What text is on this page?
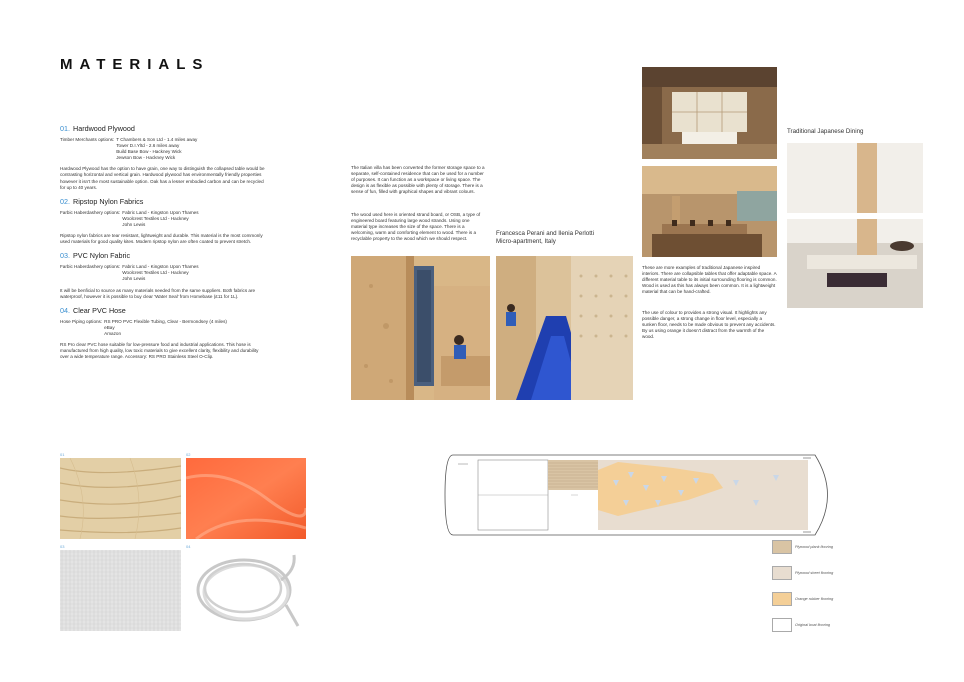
MATERIALS
01. Hardwood Plywood
Timber Merchants options: T Chambers & Son Ltd - 1.4 miles away
Tower D.I.Yltd - 2.6 miles away
Build Base Bow - Hackney Wick
Jewson Bow - Hackney Wick
Hardwood Plywood has the option to have grain, one way to distinguish the collapsed table would be contrasting horizontal and vertical grain. Hardwood plywood has environmentally friendly properties however it isn't the most sustainable option. Oak has a lesser embodied carbon and can be recycled for up to 40 years.
02. Ripstop Nylon Fabrics
Farbic Haberdashery options: Fabric Land - Kingston Upon Thames
Woolcrest Textiles Ltd - Hackney
John Lewis
Ripstop nylon fabrics are tear resistant, lightweight and durable. This material is the most commonly used materials for good quality kites. Modern ripstop nylon are often coated to prevent stretch.
03. PVC Nylon Fabric
Farbic Haberdashery options: Fabric Land - Kingston Upon Thames
Woolcrest Textiles Ltd - Hackney
John Lewis
It will be benficial to source as many materials needed from the same suppliers. Both fabrics are waterproof, however it is possible to buy clear 'Water Seal' from Homebase (£11 for 1L).
04. Clear PVC Hose
Hose Piping options: RS PRO PVC Flexible Tubing, Clear - Bermondsey (4 miles)
eBay
Amazon
RS Pro clear PVC hose suitable for low-pressure food and industrial applications. This hose is manufactured from high quality, low toxic materials to give excellent clarity, flexibility and durability over a wide temperature range. Accessory: RS PRO Stainless Steel O-Clip.
01	02
03	04
The Italian villa has been converted the former storage space to a separate, self-contained residence that can be used for a number of purposes. It can function as a workspace or living space. The design is as flexible as possible with plenty of storage. There is a sense of fun, filled with graphical shapes and vibrant colours.
The wood used here is oriented strand board, or OSB, a type of engineered board featuring large wood strands. Using one material type increases the size of the space. There is a welcoming, warm and comforting element to wood. There is a recyclable property to the wood which we should respect.
Francesca Perani and Ilenia Perlotti
Micro-apartment, Italy
Traditional Japanese Dining
These are more examples of traditional Japanese inspired interiors. There are collapsible tables that offer adaptable space. A different material table to its initial surrounding flooring is common. Wood is used as this has always been common. It is a lightweight material that can be hand-crafted.
The use of colour to provides a strong visual. It highlights any possible danger, a strong change in floor level, especially a sunken floor, needs to be made obvious to prevent any accidents. By us using orange it doesn't distract from the warmth of the wood.
Plywood plank flooring
Plywood sheet flooring
Orange rubber flooring
Original boat flooring
